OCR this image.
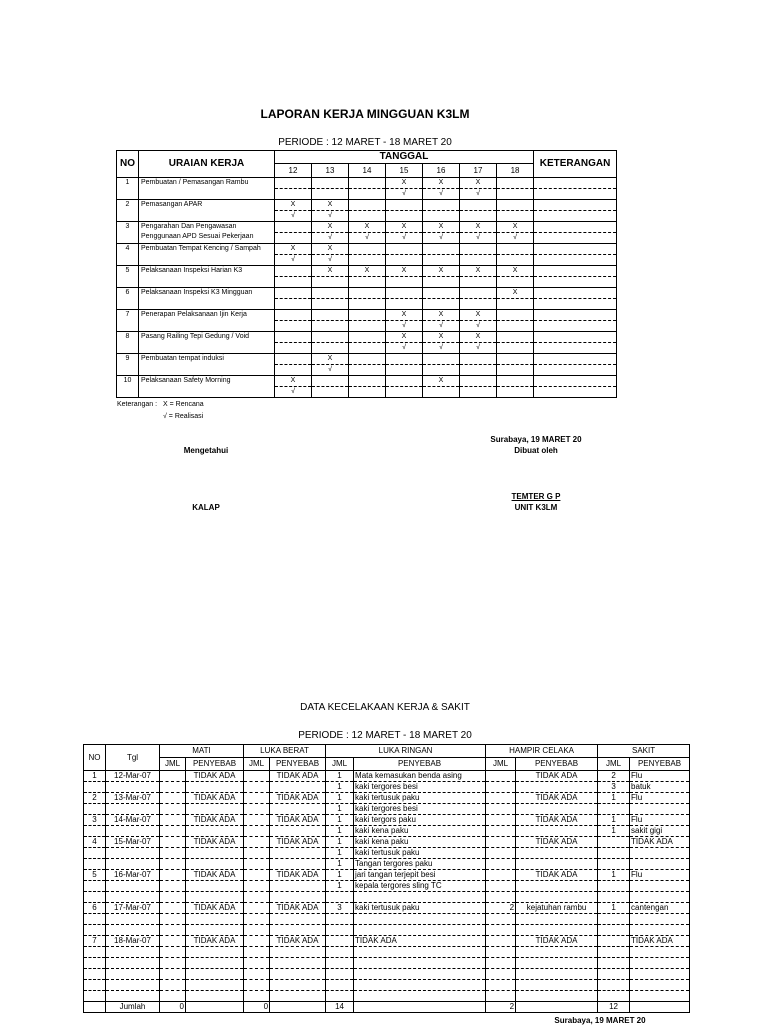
LAPORAN KERJA MINGGUAN K3LM
PERIODE : 12 MARET - 18 MARET 20
NO	URAIAN KERJA	TANGGAL							KETERANGAN
		12	13	14	15	16	17	18	
1	Pembuatan / Pemasangan Rambu				X	X	X		
					√	√	√		
2	Pemasangan APAR	X	X						
		√	√						
3	Pengarahan Dan Pengawasan
Penggunaan APD Sesuai Pekerjaan		X	X	X	X	X	X	
			√	√	√	√	√	√	
4	Pembuatan Tempat Kencing / Sampah	X	X						
		√	√						
5	Pelaksanaan Inspeksi Harian K3		X	X	X	X	X	X	

6	Pelaksanaan Inspeksi K3 Mingguan							X	

7	Penerapan Pelaksanaan Ijin Kerja				X	X	X		
					√	√	√		
8	Pasang Railing Tepi Gedung / Void				X	X	X		
					√	√	√		
9	Pembuatan tempat induksi		X						
			√						
10	Pelaksanaan Safety Morning	X				X			
		√							
Keterangan : X = Rencana
√ = Realisasi
Surabaya, 19 MARET 20
Dibuat oleh
Mengetahui
TEMTER G P
UNIT K3LM
KALAP
DATA KECELAKAAN KERJA & SAKIT
PERIODE : 12 MARET - 18 MARET 20
NO	Tgl	MATI		LUKA BERAT		LUKA RINGAN		HAMPIR CELAKA		SAKIT	
		JML	PENYEBAB	JML	PENYEBAB	JML	PENYEBAB	JML	PENYEBAB	JML	PENYEBAB
1	12-Mar-07		TIDAK ADA		TIDAK ADA	1	Mata kemasukan benda asing		TIDAK ADA	2	Flu
						1	kaki tergores besi			3	batuk
2	13-Mar-07		TIDAK ADA		TIDAK ADA	1	kaki tertusuk paku		TIDAK ADA	1	Flu
						1	kaki tergores besi				
3	14-Mar-07		TIDAK ADA		TIDAK ADA	1	kaki tergors paku		TIDAK ADA	1	Flu
						1	kaki kena paku			1	sakit gigi
4	15-Mar-07		TIDAK ADA		TIDAK ADA	1	kaki kena paku		TIDAK ADA		TIDAK ADA
						1	kaki tertusuk paku				
						1	Tangan tergores paku				
5	16-Mar-07		TIDAK ADA		TIDAK ADA	1	jari tangan terjepit besi		TIDAK ADA	1	Flu
						1	kepala tergores sling TC				

6	17-Mar-07		TIDAK ADA		TIDAK ADA	3	kaki tertusuk paku	2	kejatuhan rambu	1	cantengan

7	18-Mar-07		TIDAK ADA		TIDAK ADA		TIDAK ADA		TIDAK ADA		TIDAK ADA

	Jumlah	0		0		14		2		12	
Surabaya, 19 MARET 20
